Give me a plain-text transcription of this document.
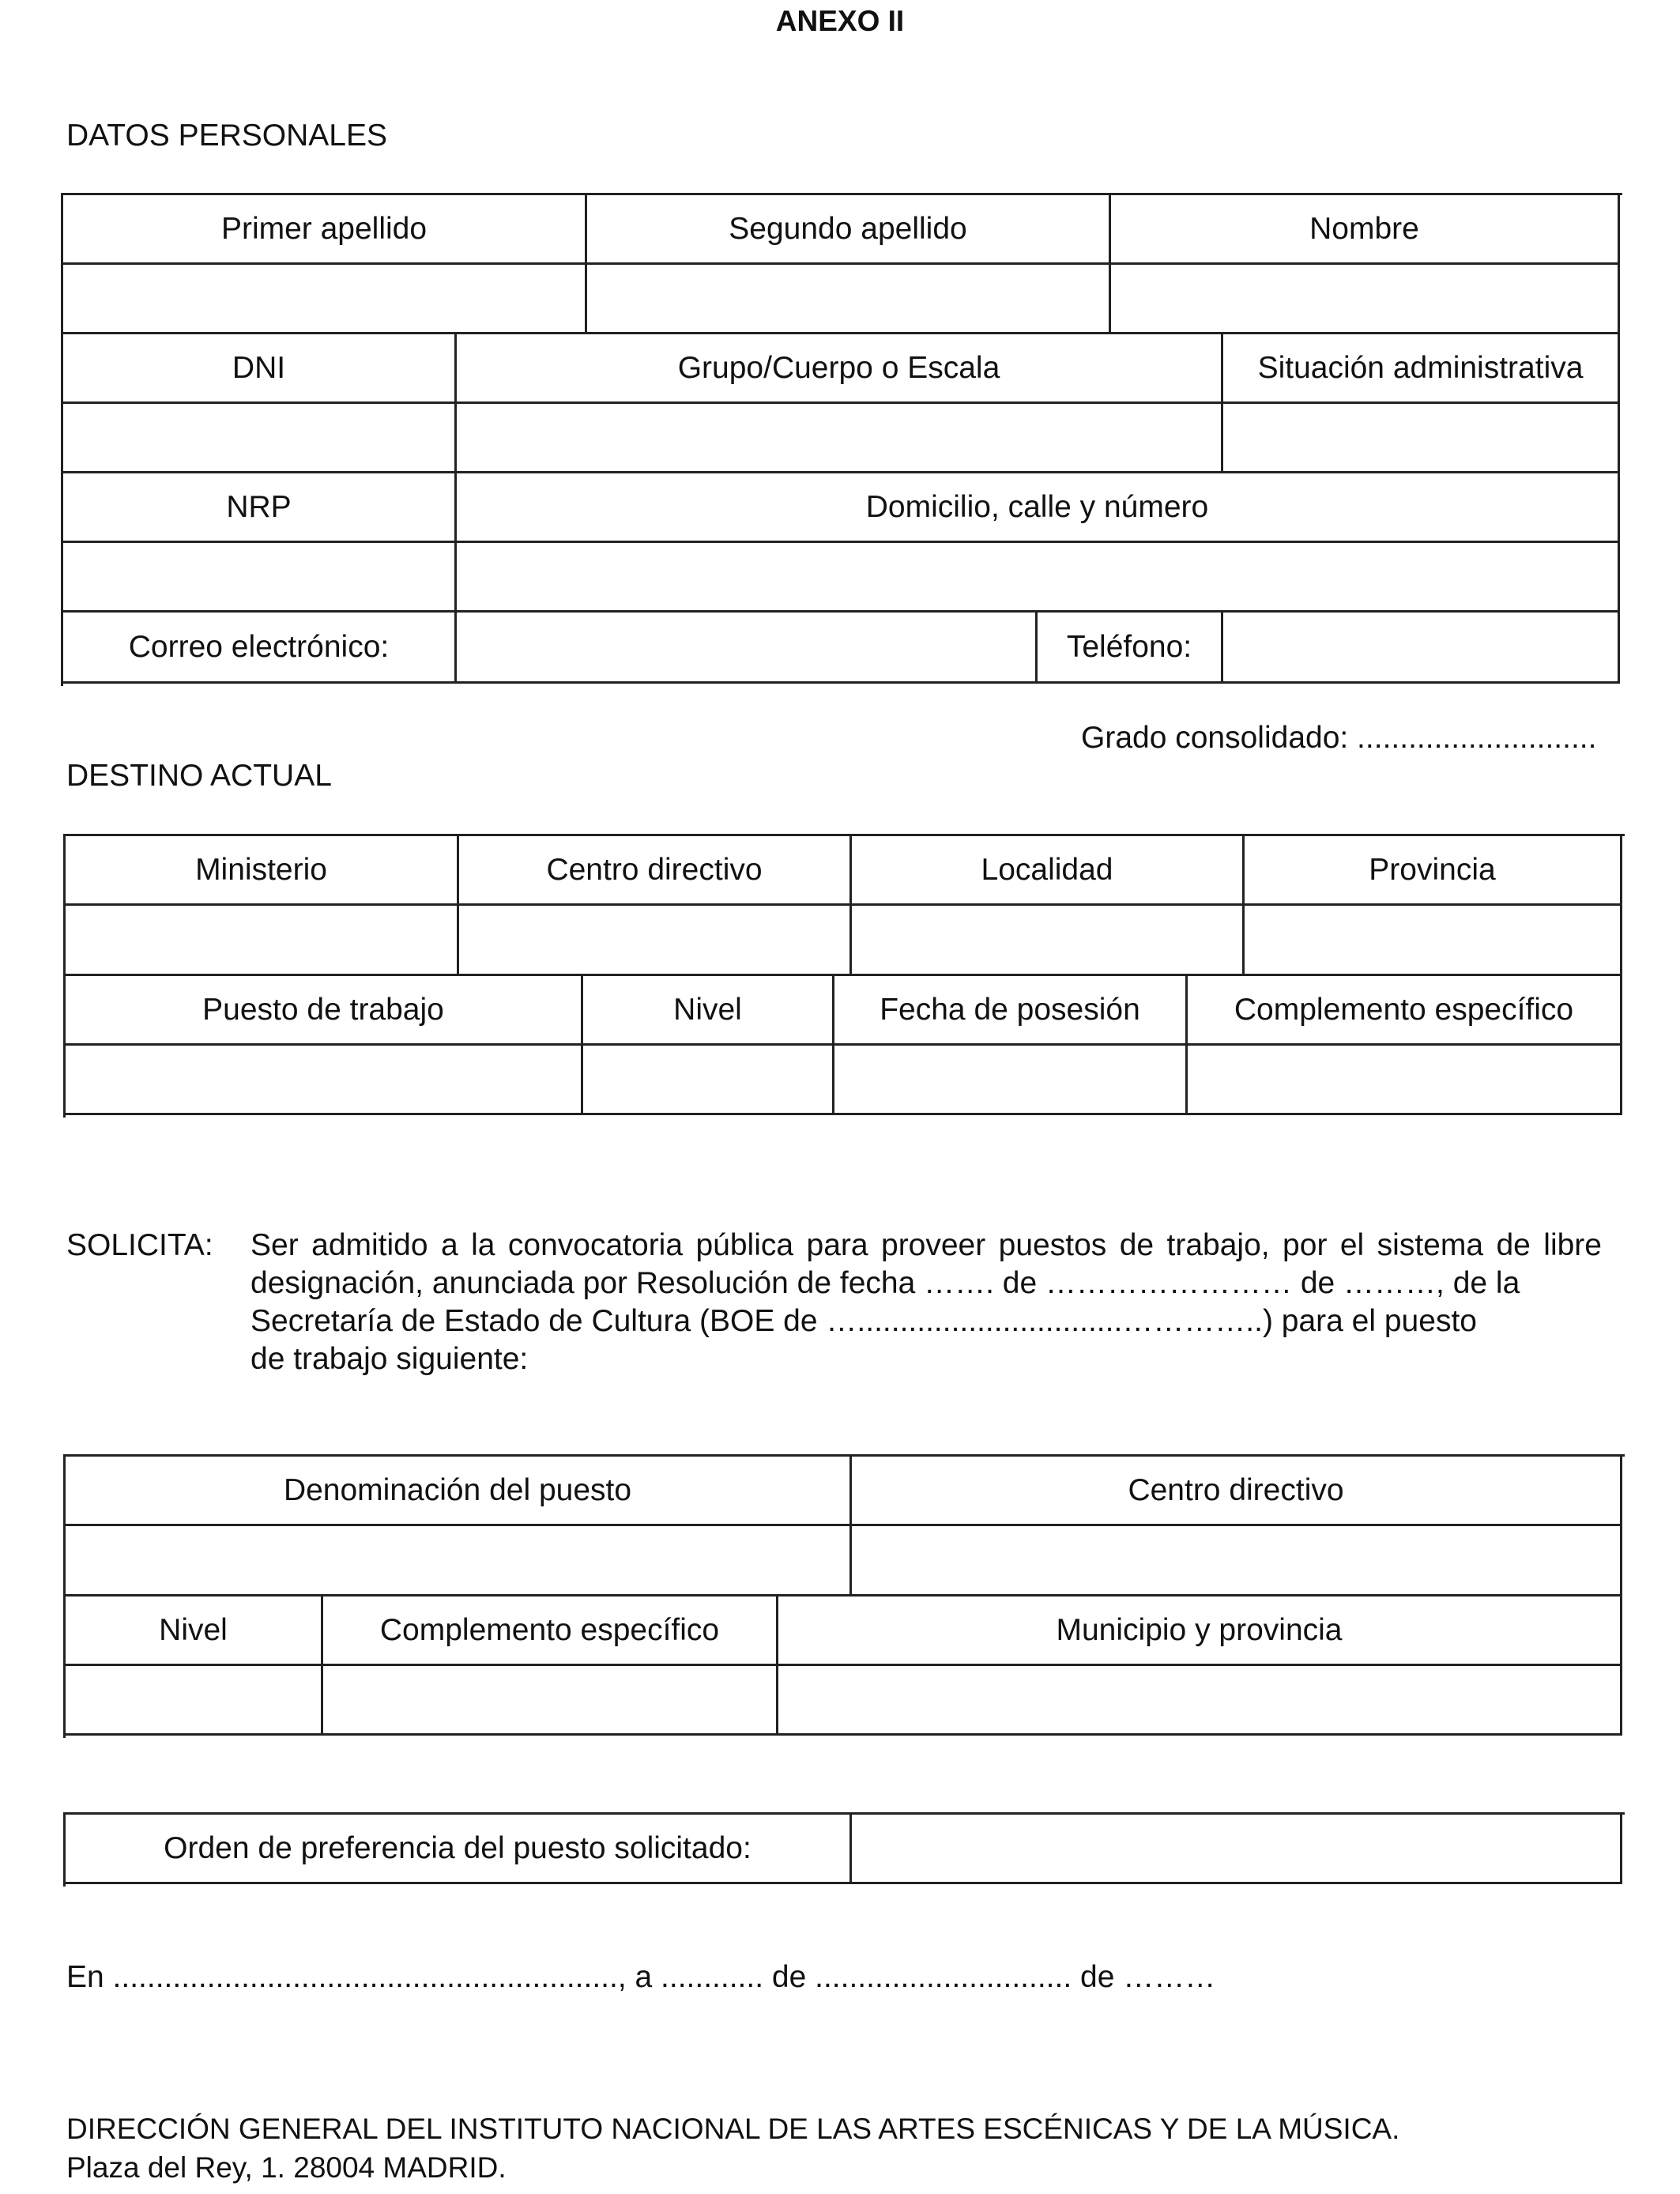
ANEXO II
DATOS PERSONALES
Primer apellido	Segundo apellido	Nombre
DNI	Grupo/Cuerpo o Escala	Situación administrativa
NRP	Domicilio, calle y número
Correo electrónico:	Teléfono:
Grado consolidado: ............................
DESTINO ACTUAL
Ministerio	Centro directivo	Localidad	Provincia
Puesto de trabajo	Nivel	Fecha de posesión	Complemento específico
SOLICITA: Ser admitido a la convocatoria pública para proveer puestos de trabajo, por el sistema de libre
designación, anunciada por Resolución de fecha ……. de …………………… de ………, de la
Secretaría de Estado de Cultura (BOE de …...............................…………..) para el puesto
de trabajo siguiente:
Denominación del puesto	Centro directivo
Nivel	Complemento específico	Municipio y provincia
Orden de preferencia del puesto solicitado:
En ..........................................................., a ............ de .............................. de ………
DIRECCIÓN GENERAL DEL INSTITUTO NACIONAL DE LAS ARTES ESCÉNICAS Y DE LA MÚSICA.
Plaza del Rey, 1. 28004 MADRID.
